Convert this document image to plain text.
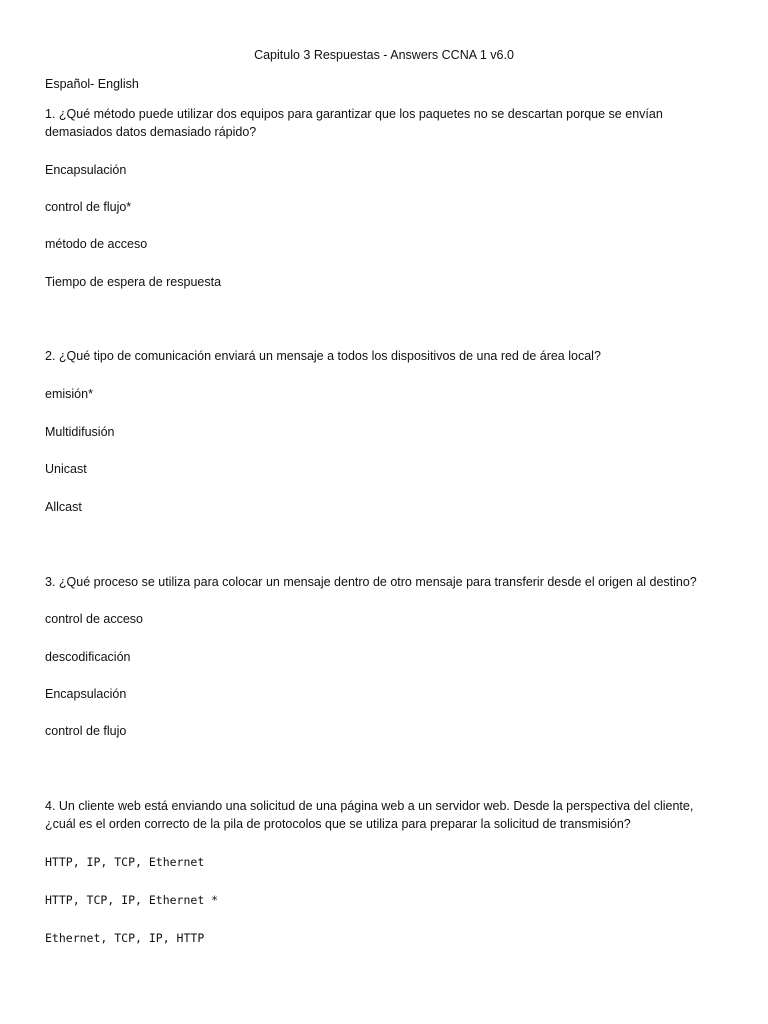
Capitulo 3 Respuestas - Answers CCNA 1 v6.0
Español- English
1. ¿Qué método puede utilizar dos equipos para garantizar que los paquetes no se descartan porque se envían demasiados datos demasiado rápido?
Encapsulación
control de flujo*
método de acceso
Tiempo de espera de respuesta
2. ¿Qué tipo de comunicación enviará un mensaje a todos los dispositivos de una red de área local?
emisión*
Multidifusión
Unicast
Allcast
3. ¿Qué proceso se utiliza para colocar un mensaje dentro de otro mensaje para transferir desde el origen al destino?
control de acceso
descodificación
Encapsulación
control de flujo
4. Un cliente web está enviando una solicitud de una página web a un servidor web. Desde la perspectiva del cliente, ¿cuál es el orden correcto de la pila de protocolos que se utiliza para preparar la solicitud de transmisión?
HTTP, IP, TCP, Ethernet
HTTP, TCP, IP, Ethernet *
Ethernet, TCP, IP, HTTP
